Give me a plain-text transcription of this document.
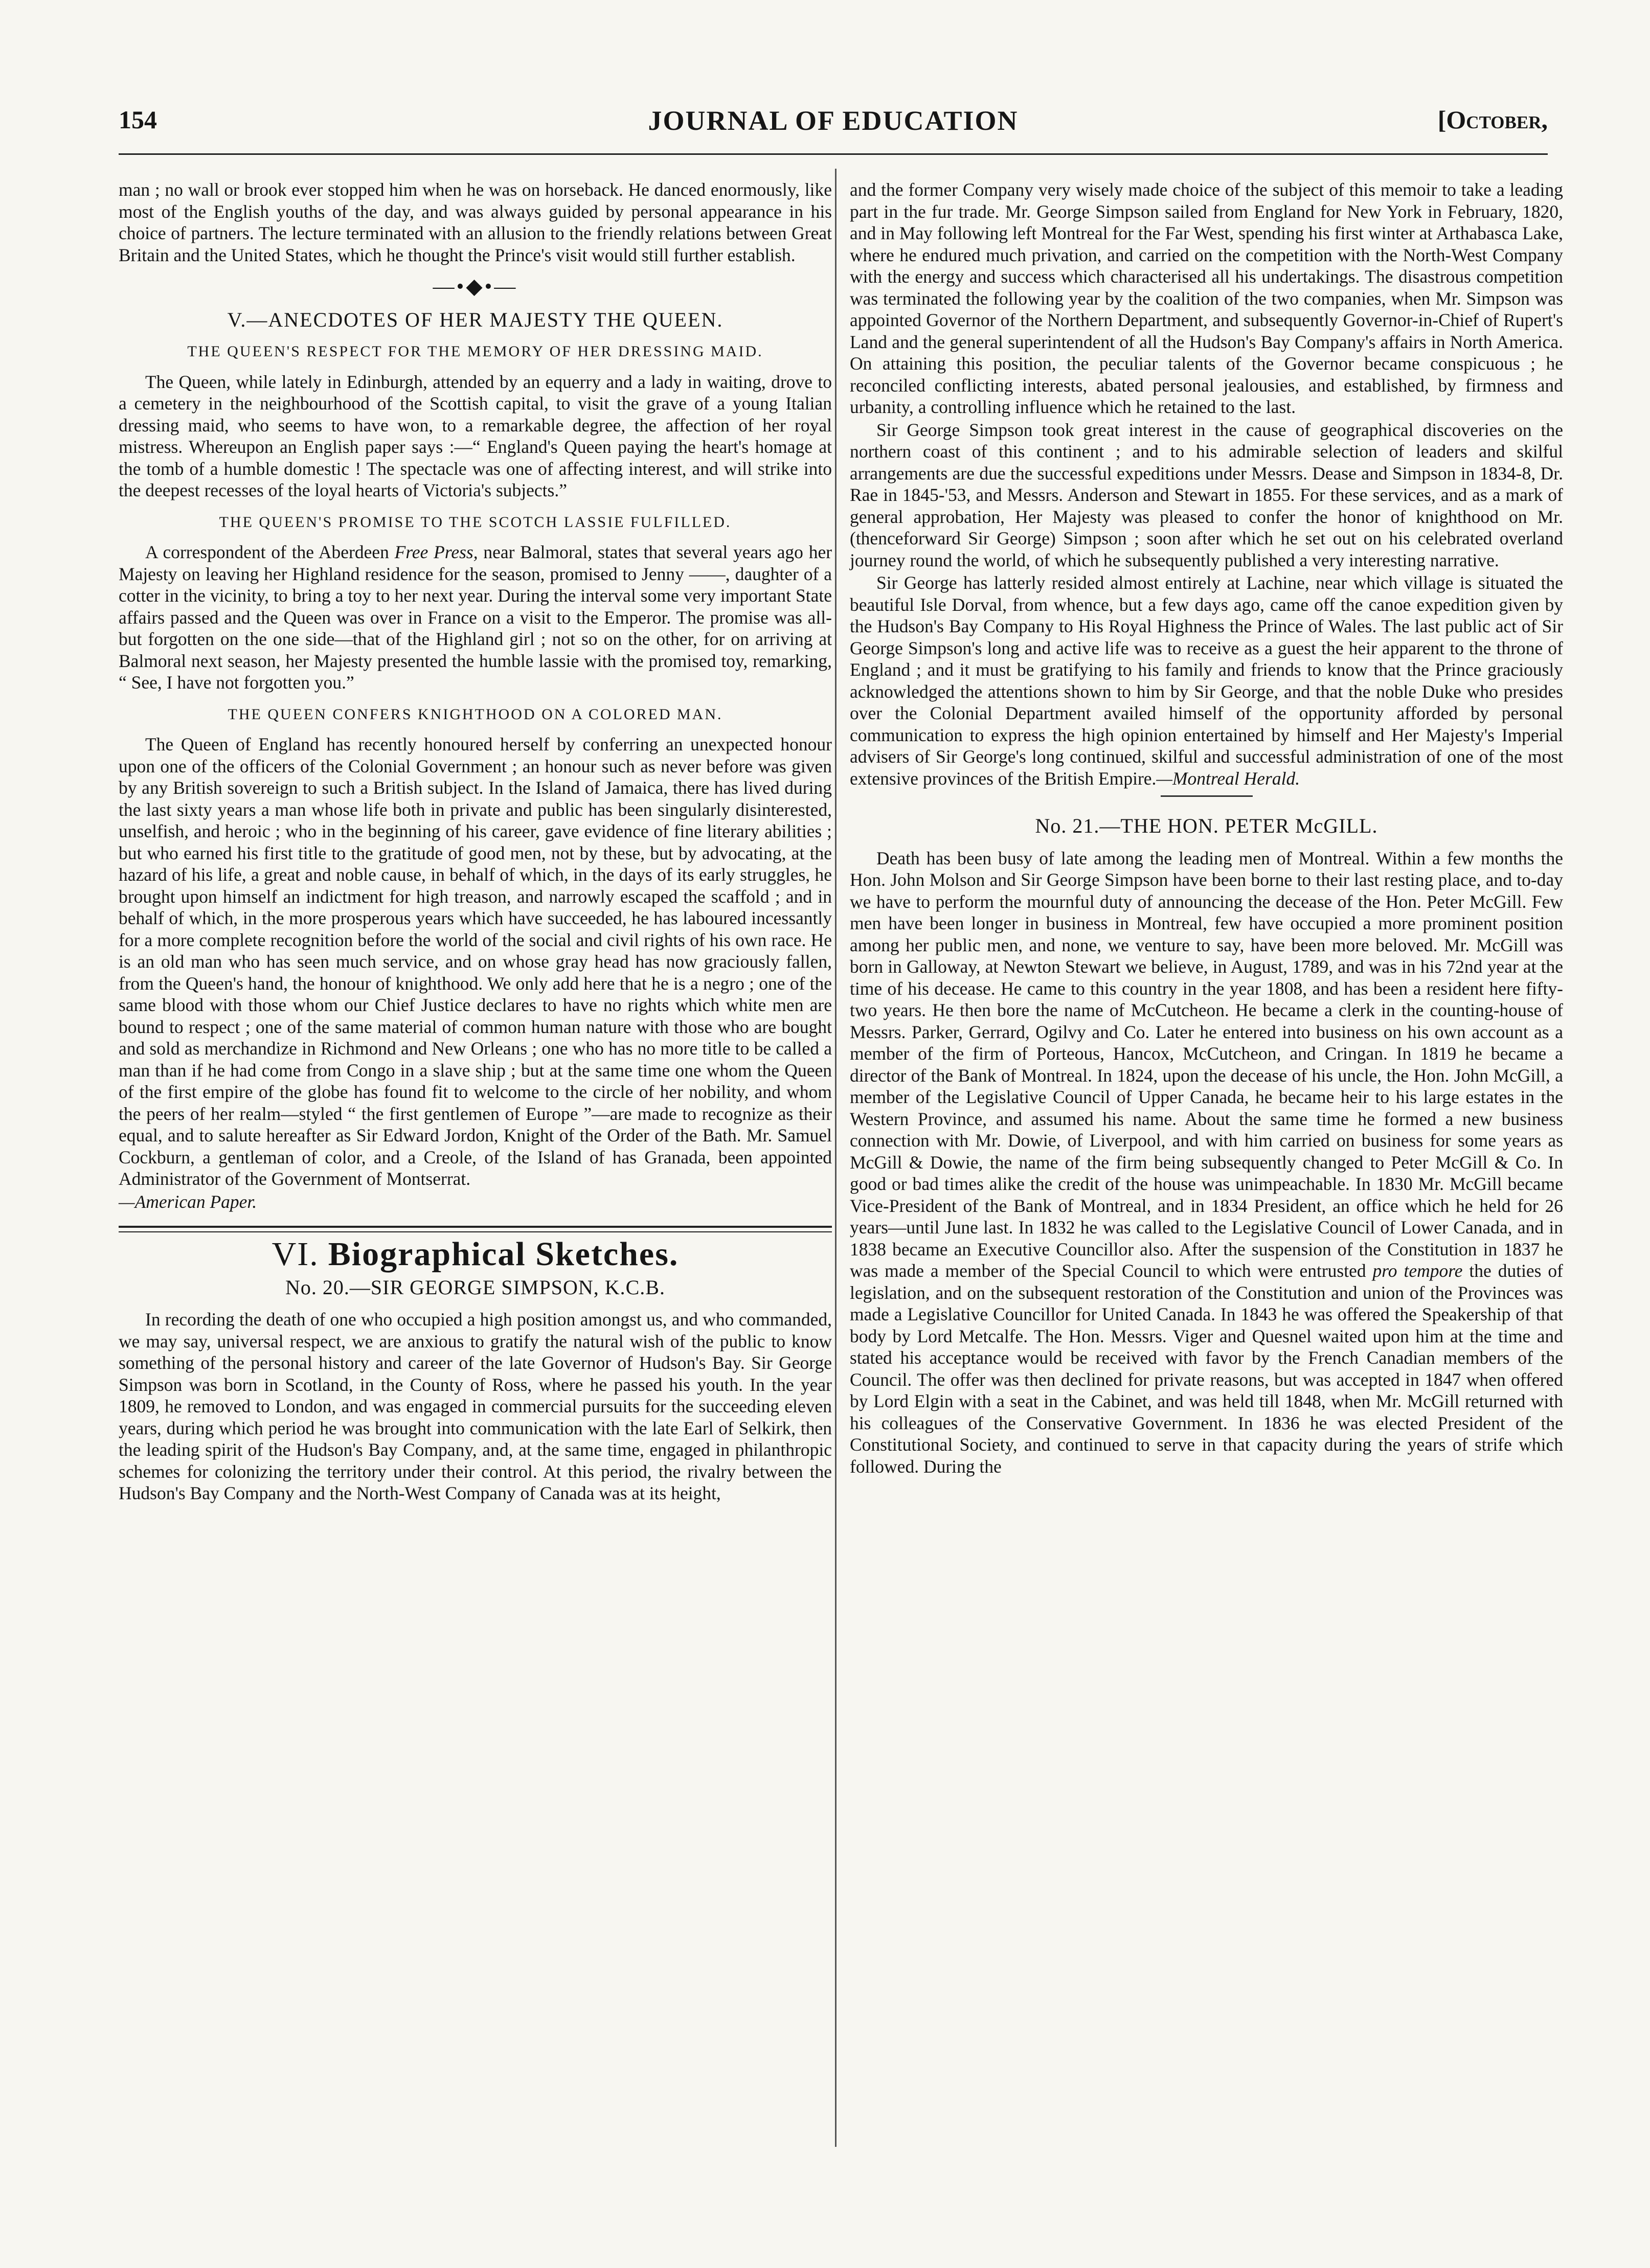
154	JOURNAL OF EDUCATION	[October,

man ; no wall or brook ever stopped him when he was on horseback. He danced enormously, like most of the English youths of the day, and was always guided by personal appearance in his choice of partners. The lecture terminated with an allusion to the friendly relations between Great Britain and the United States, which he thought the Prince's visit would still further establish.

—•◆•—
V.—ANECDOTES OF HER MAJESTY THE QUEEN.
THE QUEEN'S RESPECT FOR THE MEMORY OF HER DRESSING MAID.

The Queen, while lately in Edinburgh, attended by an equerry and a lady in waiting, drove to a cemetery in the neighbourhood of the Scottish capital, to visit the grave of a young Italian dressing maid, who seems to have won, to a remarkable degree, the affection of her royal mistress. Whereupon an English paper says :—“ England's Queen paying the heart's homage at the tomb of a humble domestic ! The spectacle was one of affecting interest, and will strike into the deepest recesses of the loyal hearts of Victoria's subjects.”

THE QUEEN'S PROMISE TO THE SCOTCH LASSIE FULFILLED.

A correspondent of the Aberdeen Free Press, near Balmoral, states that several years ago her Majesty on leaving her Highland residence for the season, promised to Jenny ——, daughter of a cotter in the vicinity, to bring a toy to her next year. During the interval some very important State affairs passed and the Queen was over in France on a visit to the Emperor. The promise was all-but forgotten on the one side—that of the Highland girl ; not so on the other, for on arriving at Balmoral next season, her Majesty presented the humble lassie with the promised toy, remarking, “ See, I have not forgotten you.”

THE QUEEN CONFERS KNIGHTHOOD ON A COLORED MAN.

The Queen of England has recently honoured herself by conferring an unexpected honour upon one of the officers of the Colonial Government ; an honour such as never before was given by any British sovereign to such a British subject. In the Island of Jamaica, there has lived during the last sixty years a man whose life both in private and public has been singularly disinterested, unselfish, and heroic ; who in the beginning of his career, gave evidence of fine literary abilities ; but who earned his first title to the gratitude of good men, not by these, but by advocating, at the hazard of his life, a great and noble cause, in behalf of which, in the days of its early struggles, he brought upon himself an indictment for high treason, and narrowly escaped the scaffold ; and in behalf of which, in the more prosperous years which have succeeded, he has laboured incessantly for a more complete recognition before the world of the social and civil rights of his own race. He is an old man who has seen much service, and on whose gray head has now graciously fallen, from the Queen's hand, the honour of knighthood. We only add here that he is a negro ; one of the same blood with those whom our Chief Justice declares to have no rights which white men are bound to respect ; one of the same material of common human nature with those who are bought and sold as merchandize in Richmond and New Orleans ; one who has no more title to be called a man than if he had come from Congo in a slave ship ; but at the same time one whom the Queen of the first empire of the globe has found fit to welcome to the circle of her nobility, and whom the peers of her realm—styled “ the first gentlemen of Europe ”—are made to recognize as their equal, and to salute hereafter as Sir Edward Jordon, Knight of the Order of the Bath. Mr. Samuel Cockburn, a gentleman of color, and a Creole, of the Island of has Granada, been appointed Administrator of the Government of Montserrat.

—American Paper.

VI. Biographical Sketches.
No. 20.—SIR GEORGE SIMPSON, K.C.B.

In recording the death of one who occupied a high position amongst us, and who commanded, we may say, universal respect, we are anxious to gratify the natural wish of the public to know something of the personal history and career of the late Governor of Hudson's Bay. Sir George Simpson was born in Scotland, in the County of Ross, where he passed his youth. In the year 1809, he removed to London, and was engaged in commercial pursuits for the succeeding eleven years, during which period he was brought into communication with the late Earl of Selkirk, then the leading spirit of the Hudson's Bay Company, and, at the same time, engaged in philanthropic schemes for colonizing the territory under their control. At this period, the rivalry between the Hudson's Bay Company and the North-West Company of Canada was at its height,

and the former Company very wisely made choice of the subject of this memoir to take a leading part in the fur trade. Mr. George Simpson sailed from England for New York in February, 1820, and in May following left Montreal for the Far West, spending his first winter at Arthabasca Lake, where he endured much privation, and carried on the competition with the North-West Company with the energy and success which characterised all his undertakings. The disastrous competition was terminated the following year by the coalition of the two companies, when Mr. Simpson was appointed Governor of the Northern Department, and subsequently Governor-in-Chief of Rupert's Land and the general superintendent of all the Hudson's Bay Company's affairs in North America. On attaining this position, the peculiar talents of the Governor became conspicuous ; he reconciled conflicting interests, abated personal jealousies, and established, by firmness and urbanity, a controlling influence which he retained to the last.

Sir George Simpson took great interest in the cause of geographical discoveries on the northern coast of this continent ; and to his admirable selection of leaders and skilful arrangements are due the successful expeditions under Messrs. Dease and Simpson in 1834-8, Dr. Rae in 1845-'53, and Messrs. Anderson and Stewart in 1855. For these services, and as a mark of general approbation, Her Majesty was pleased to confer the honor of knighthood on Mr. (thenceforward Sir George) Simpson ; soon after which he set out on his celebrated overland journey round the world, of which he subsequently published a very interesting narrative.

Sir George has latterly resided almost entirely at Lachine, near which village is situated the beautiful Isle Dorval, from whence, but a few days ago, came off the canoe expedition given by the Hudson's Bay Company to His Royal Highness the Prince of Wales. The last public act of Sir George Simpson's long and active life was to receive as a guest the heir apparent to the throne of England ; and it must be gratifying to his family and friends to know that the Prince graciously acknowledged the attentions shown to him by Sir George, and that the noble Duke who presides over the Colonial Department availed himself of the opportunity afforded by personal communication to express the high opinion entertained by himself and Her Majesty's Imperial advisers of Sir George's long continued, skilful and successful administration of one of the most extensive provinces of the British Empire.—Montreal Herald.

No. 21.—THE HON. PETER McGILL.

Death has been busy of late among the leading men of Montreal. Within a few months the Hon. John Molson and Sir George Simpson have been borne to their last resting place, and to-day we have to perform the mournful duty of announcing the decease of the Hon. Peter McGill. Few men have been longer in business in Montreal, few have occupied a more prominent position among her public men, and none, we venture to say, have been more beloved. Mr. McGill was born in Galloway, at Newton Stewart we believe, in August, 1789, and was in his 72nd year at the time of his decease. He came to this country in the year 1808, and has been a resident here fifty-two years. He then bore the name of McCutcheon. He became a clerk in the counting-house of Messrs. Parker, Gerrard, Ogilvy and Co. Later he entered into business on his own account as a member of the firm of Porteous, Hancox, McCutcheon, and Cringan. In 1819 he became a director of the Bank of Montreal. In 1824, upon the decease of his uncle, the Hon. John McGill, a member of the Legislative Council of Upper Canada, he became heir to his large estates in the Western Province, and assumed his name. About the same time he formed a new business connection with Mr. Dowie, of Liverpool, and with him carried on business for some years as McGill & Dowie, the name of the firm being subsequently changed to Peter McGill & Co. In good or bad times alike the credit of the house was unimpeachable. In 1830 Mr. McGill became Vice-President of the Bank of Montreal, and in 1834 President, an office which he held for 26 years—until June last. In 1832 he was called to the Legislative Council of Lower Canada, and in 1838 became an Executive Councillor also. After the suspension of the Constitution in 1837 he was made a member of the Special Council to which were entrusted pro tempore the duties of legislation, and on the subsequent restoration of the Constitution and union of the Provinces was made a Legislative Councillor for United Canada. In 1843 he was offered the Speakership of that body by Lord Metcalfe. The Hon. Messrs. Viger and Quesnel waited upon him at the time and stated his acceptance would be received with favor by the French Canadian members of the Council. The offer was then declined for private reasons, but was accepted in 1847 when offered by Lord Elgin with a seat in the Cabinet, and was held till 1848, when Mr. McGill returned with his colleagues of the Conservative Government. In 1836 he was elected President of the Constitutional Society, and continued to serve in that capacity during the years of strife which followed. During the
